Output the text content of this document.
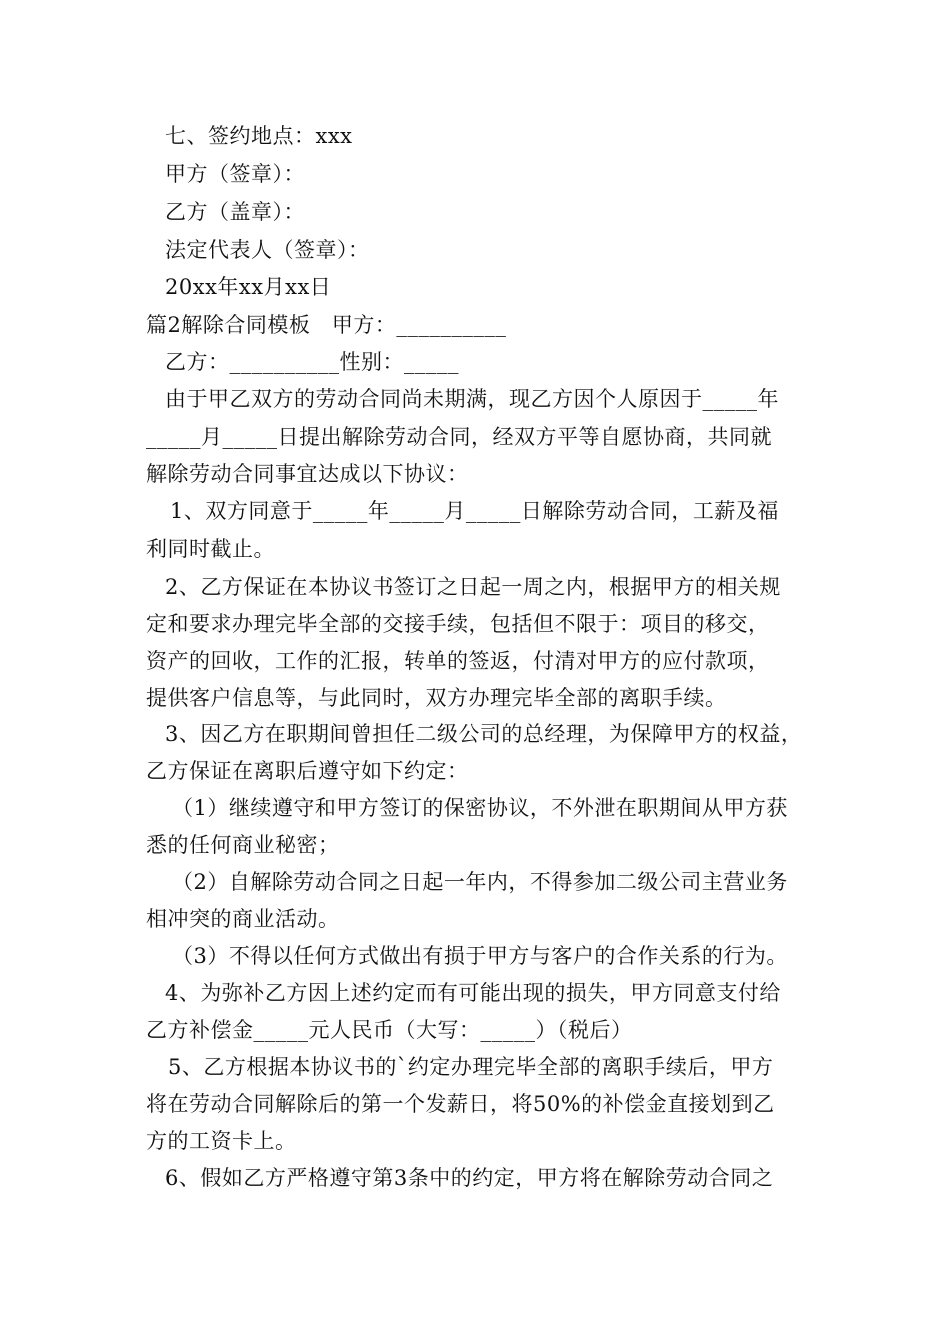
七、签约地点：xxx
甲方（签章）：
乙方（盖章）：
法定代表人（签章）：
20xx年xx月xx日
篇2解除合同模板　甲方：__________
乙方：__________性别：_____
由于甲乙双方的劳动合同尚未期满，现乙方因个人原因于_____年
_____月_____日提出解除劳动合同，经双方平等自愿协商，共同就
解除劳动合同事宜达成以下协议：
1、双方同意于_____年_____月_____日解除劳动合同，工薪及福
利同时截止。
2、乙方保证在本协议书签订之日起一周之内，根据甲方的相关规
定和要求办理完毕全部的交接手续，包括但不限于：项目的移交，
资产的回收，工作的汇报，转单的签返，付清对甲方的应付款项，
提供客户信息等，与此同时，双方办理完毕全部的离职手续。
3、因乙方在职期间曾担任二级公司的总经理，为保障甲方的权益，
乙方保证在离职后遵守如下约定：
（1）继续遵守和甲方签订的保密协议，不外泄在职期间从甲方获
悉的任何商业秘密；
（2）自解除劳动合同之日起一年内，不得参加二级公司主营业务
相冲突的商业活动。
（3）不得以任何方式做出有损于甲方与客户的合作关系的行为。
4、为弥补乙方因上述约定而有可能出现的损失，甲方同意支付给
乙方补偿金_____元人民币（大写：_____）（税后）
5、乙方根据本协议书的`约定办理完毕全部的离职手续后，甲方
将在劳动合同解除后的第一个发薪日，将50%的补偿金直接划到乙
方的工资卡上。
6、假如乙方严格遵守第3条中的约定，甲方将在解除劳动合同之
